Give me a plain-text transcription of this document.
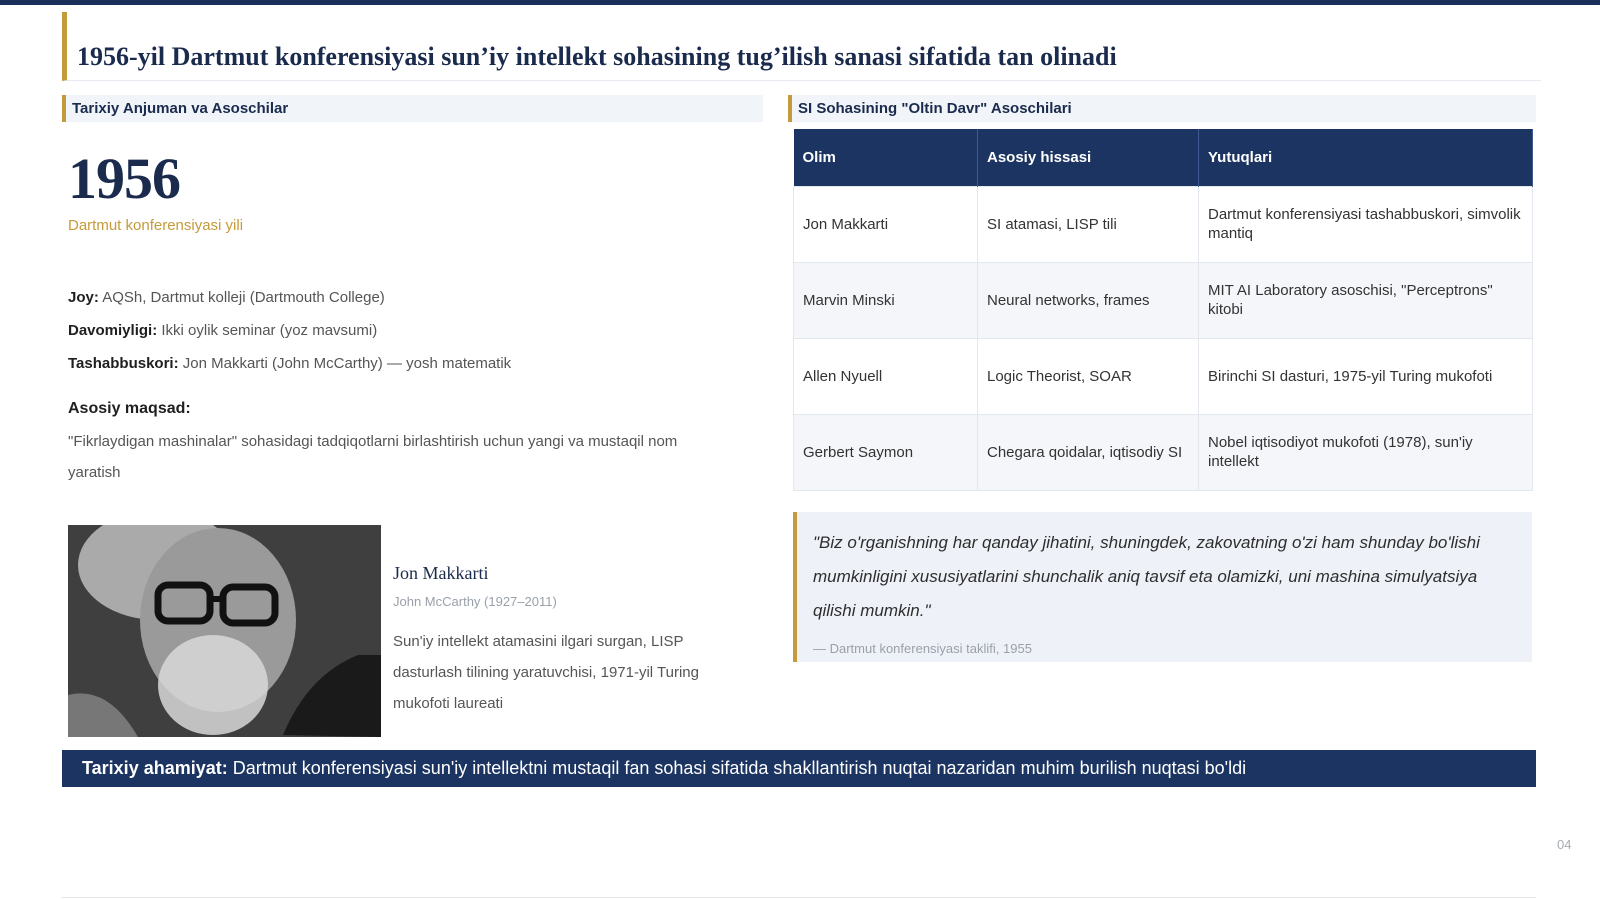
1956-yil Dartmut konferensiyasi sun’iy intellekt sohasining tug’ilish sanasi sifatida tan olinadi
Tarixiy Anjuman va Asoschilar
1956
Dartmut konferensiyasi yili
Joy: AQSh, Dartmut kolleji (Dartmouth College)
Davomiyligi: Ikki oylik seminar (yoz mavsumi)
Tashabbuskori: Jon Makkarti (John McCarthy) — yosh matematik
Asosiy maqsad:
"Fikrlaydigan mashinalar" sohasidagi tadqiqotlarni birlashtirish uchun yangi va mustaqil nom yaratish
Jon Makkarti
John McCarthy (1927–2011)
Sun'iy intellekt atamasini ilgari surgan, LISP dasturlash tilining yaratuvchisi, 1971-yil Turing mukofoti laureati
SI Sohasining "Oltin Davr" Asoschilari
Olim	Asosiy hissasi	Yutuqlari
Jon Makkarti	SI atamasi, LISP tili	Dartmut konferensiyasi tashabbuskori, simvolik mantiq
Marvin Minski	Neural networks, frames	MIT AI Laboratory asoschisi, "Perceptrons" kitobi
Allen Nyuell	Logic Theorist, SOAR	Birinchi SI dasturi, 1975-yil Turing mukofoti
Gerbert Saymon	Chegara qoidalar, iqtisodiy SI	Nobel iqtisodiyot mukofoti (1978), sun'iy intellekt
"Biz o'rganishning har qanday jihatini, shuningdek, zakovatning o'zi ham shunday bo'lishi mumkinligini xususiyatlarini shunchalik aniq tavsif eta olamizki, uni mashina simulyatsiya qilishi mumkin."
— Dartmut konferensiyasi taklifi, 1955
Tarixiy ahamiyat: Dartmut konferensiyasi sun'iy intellektni mustaqil fan sohasi sifatida shakllantirish nuqtai nazaridan muhim burilish nuqtasi bo'ldi
04
